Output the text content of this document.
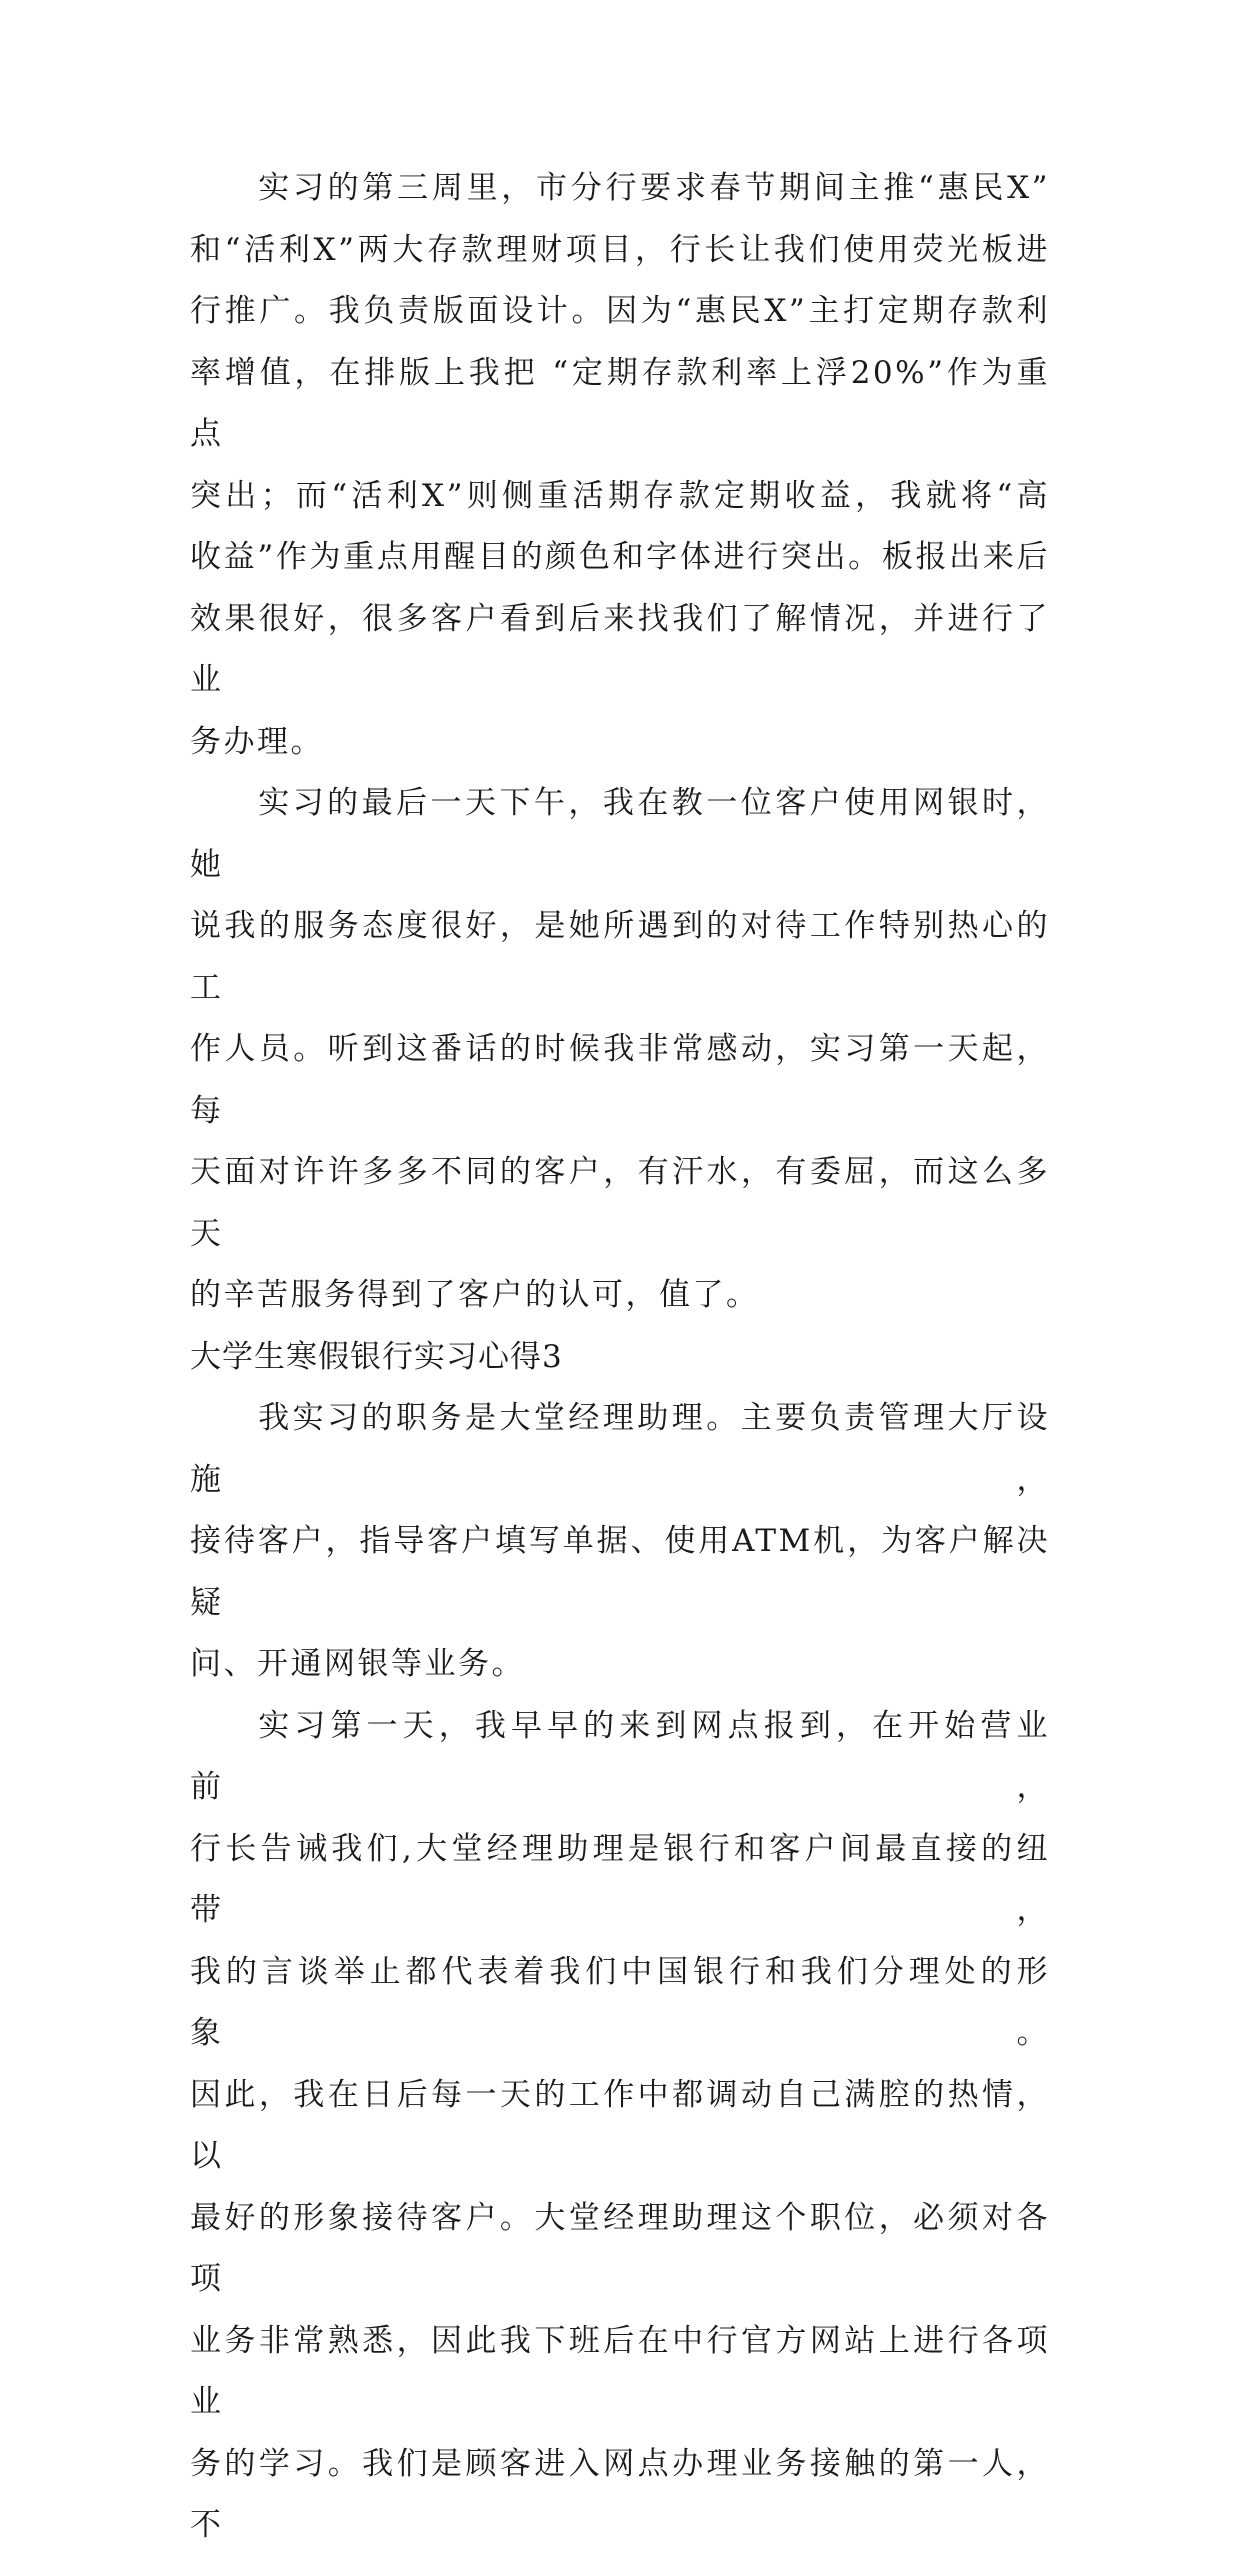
实习的第三周里，市分行要求春节期间主推“惠民X”
和“活利X”两大存款理财项目，行长让我们使用荧光板进
行推广。我负责版面设计。因为“惠民X”主打定期存款利
率增值，在排版上我把 “定期存款利率上浮20%”作为重点
突出；而“活利X”则侧重活期存款定期收益，我就将“高
收益”作为重点用醒目的颜色和字体进行突出。板报出来后
效果很好，很多客户看到后来找我们了解情况，并进行了业
务办理。
实习的最后一天下午，我在教一位客户使用网银时，她
说我的服务态度很好，是她所遇到的对待工作特别热心的工
作人员。听到这番话的时候我非常感动，实习第一天起，每
天面对许许多多不同的客户，有汗水，有委屈，而这么多天
的辛苦服务得到了客户的认可，值了。
大学生寒假银行实习心得3
我实习的职务是大堂经理助理。主要负责管理大厅设施，
接待客户，指导客户填写单据、使用ATM机，为客户解决疑
问、开通网银等业务。
实习第一天，我早早的来到网点报到，在开始营业前，
行长告诫我们,大堂经理助理是银行和客户间最直接的纽带，
我的言谈举止都代表着我们中国银行和我们分理处的形象。
因此，我在日后每一天的工作中都调动自己满腔的热情，以
最好的形象接待客户。大堂经理助理这个职位，必须对各项
业务非常熟悉，因此我下班后在中行官方网站上进行各项业
务的学习。我们是顾客进入网点办理业务接触的第一人，不
